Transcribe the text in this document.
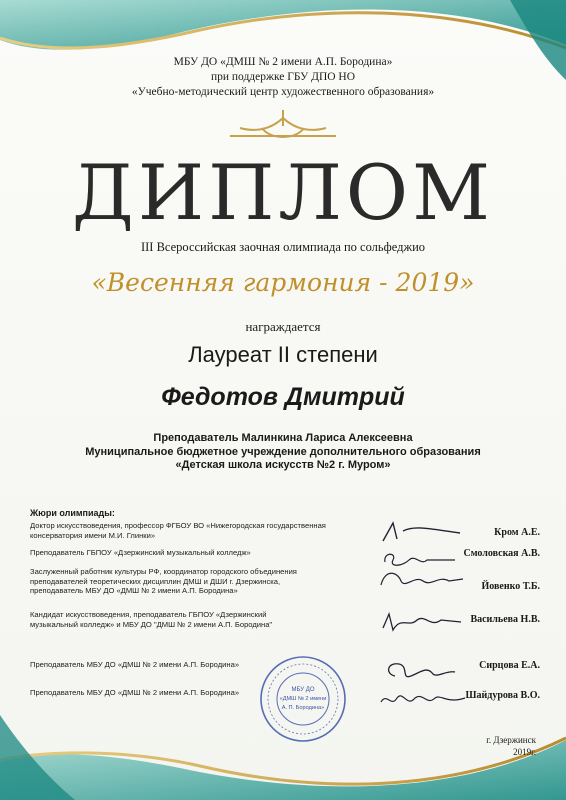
МБУ ДО «ДМШ № 2 имени А.П. Бородина»
при поддержке ГБУ ДПО НО
«Учебно-методический центр художественного образования»
ДИПЛОМ
III Всероссийская заочная олимпиада по сольфеджио
«Весенняя гармония - 2019»
награждается
Лауреат II степени
Федотов Дмитрий
Преподаватель Малинкина Лариса Алексеевна
Муниципальное бюджетное учреждение дополнительного образования
«Детская школа искусств №2 г. Муром»
Жюри олимпиады:
Доктор искусствоведения, профессор ФГБОУ ВО «Нижегородская государственная
консерватория имени М.И. Глинки»	Кром А.Е.
Преподаватель ГБПОУ «Дзержинский музыкальный колледж»	Смоловская А.В.
Заслуженный работник культуры РФ, координатор городского объединения
преподавателей теоретических дисциплин ДМШ и ДШИ г. Дзержинска,
преподаватель МБУ ДО «ДМШ № 2 имени А.П. Бородина»	Йовенко Т.Б.
Кандидат искусствоведения, преподаватель ГБПОУ «Дзержинский
музыкальный колледж» и МБУ ДО "ДМШ № 2 имени А.П. Бородина"	Васильева Н.В.
Преподаватель МБУ ДО «ДМШ № 2 имени А.П. Бородина»	Сирцова Е.А.
Преподаватель МБУ ДО «ДМШ № 2 имени А.П. Бородина»	Шайдурова В.О.
МБУ ДО
«ДМШ № 2 имени
А. П. Бородина»
г. Дзержинск
2019г.
